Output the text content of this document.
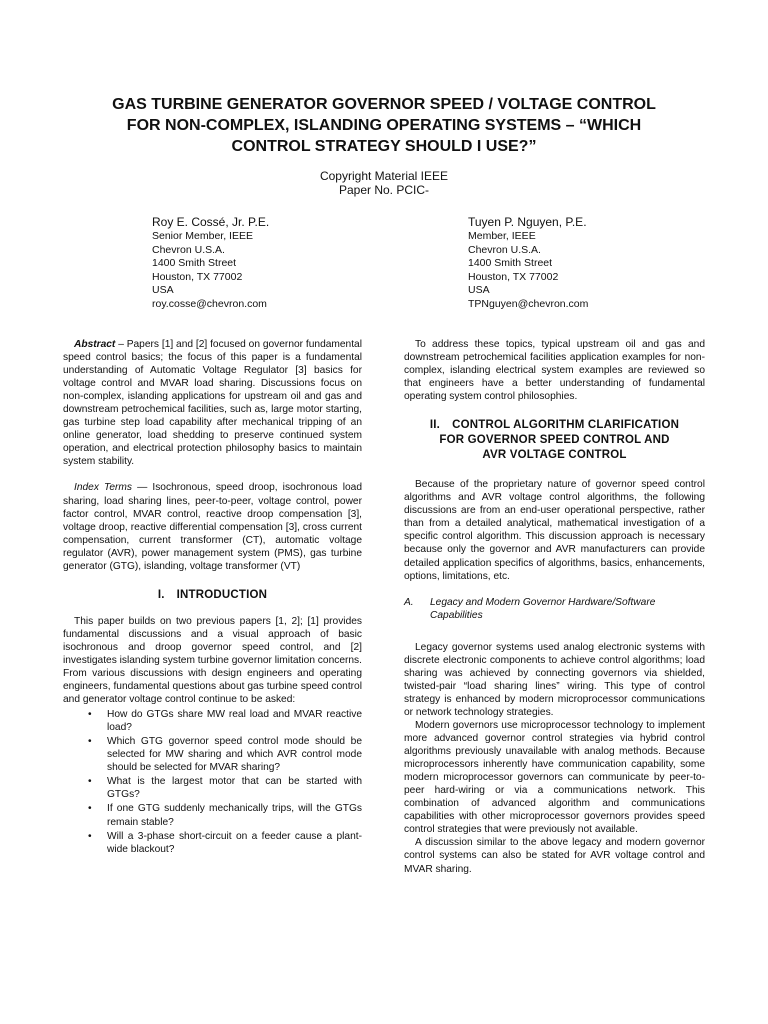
GAS TURBINE GENERATOR GOVERNOR SPEED / VOLTAGE CONTROL
FOR NON-COMPLEX, ISLANDING OPERATING SYSTEMS – “WHICH
CONTROL STRATEGY SHOULD I USE?”
Copyright Material IEEE
Paper No. PCIC-
Roy E. Cossé, Jr. P.E.
Senior Member, IEEE
Chevron U.S.A.
1400 Smith Street
Houston, TX 77002
USA
roy.cosse@chevron.com
Tuyen P. Nguyen, P.E.
Member, IEEE
Chevron U.S.A.
1400 Smith Street
Houston, TX 77002
USA
TPNguyen@chevron.com

Abstract – Papers [1] and [2] focused on governor fundamental speed control basics; the focus of this paper is a fundamental understanding of Automatic Voltage Regulator [3] basics for voltage control and MVAR load sharing. Discussions focus on non-complex, islanding applications for upstream oil and gas and downstream petrochemical facilities, such as, large motor starting, gas turbine step load capability after mechanical tripping of an online generator, load shedding to preserve continued system operation, and electrical protection philosophy basics to maintain system stability.

Index Terms — Isochronous, speed droop, isochronous load sharing, load sharing lines, peer-to-peer, voltage control, power factor control, MVAR control, reactive droop compensation [3], voltage droop, reactive differential compensation [3], cross current compensation, current transformer (CT), automatic voltage regulator (AVR), power management system (PMS), gas turbine generator (GTG), islanding, voltage transformer (VT)

I. INTRODUCTION

This paper builds on two previous papers [1, 2]; [1] provides fundamental discussions and a visual approach of basic isochronous and droop governor speed control, and [2] investigates islanding system turbine governor limitation concerns.

From various discussions with design engineers and operating engineers, fundamental questions about gas turbine speed control and generator voltage control continue to be asked:

• How do GTGs share MW real load and MVAR reactive load?
• Which GTG governor speed control mode should be selected for MW sharing and which AVR control mode should be selected for MVAR sharing?
• What is the largest motor that can be started with GTGs?
• If one GTG suddenly mechanically trips, will the GTGs remain stable?
• Will a 3-phase short-circuit on a feeder cause a plant-wide blackout?

To address these topics, typical upstream oil and gas and downstream petrochemical facilities application examples for non-complex, islanding electrical system examples are reviewed so that engineers have a better understanding of fundamental operating system control philosophies.

II. CONTROL ALGORITHM CLARIFICATION
FOR GOVERNOR SPEED CONTROL AND
AVR VOLTAGE CONTROL

Because of the proprietary nature of governor speed control algorithms and AVR voltage control algorithms, the following discussions are from an end-user operational perspective, rather than from a detailed analytical, mathematical investigation of a specific control algorithm. This discussion approach is necessary because only the governor and AVR manufacturers can provide detailed application specifics of algorithms, basics, enhancements, options, limitations, etc.

A.	Legacy and Modern Governor Hardware/Software Capabilities

Legacy governor systems used analog electronic systems with discrete electronic components to achieve control algorithms; load sharing was achieved by connecting governors via shielded, twisted-pair “load sharing lines” wiring. This type of control strategy is enhanced by modern microprocessor communications or network technology strategies.

Modern governors use microprocessor technology to implement more advanced governor control strategies via hybrid control algorithms previously unavailable with analog methods. Because microprocessors inherently have communication capability, some modern microprocessor governors can communicate by peer-to-peer hard-wiring or via a communications network. This combination of advanced algorithm and communications capabilities with other microprocessor governors provides speed control strategies that were previously not available.

A discussion similar to the above legacy and modern governor control systems can also be stated for AVR voltage control and MVAR sharing.
